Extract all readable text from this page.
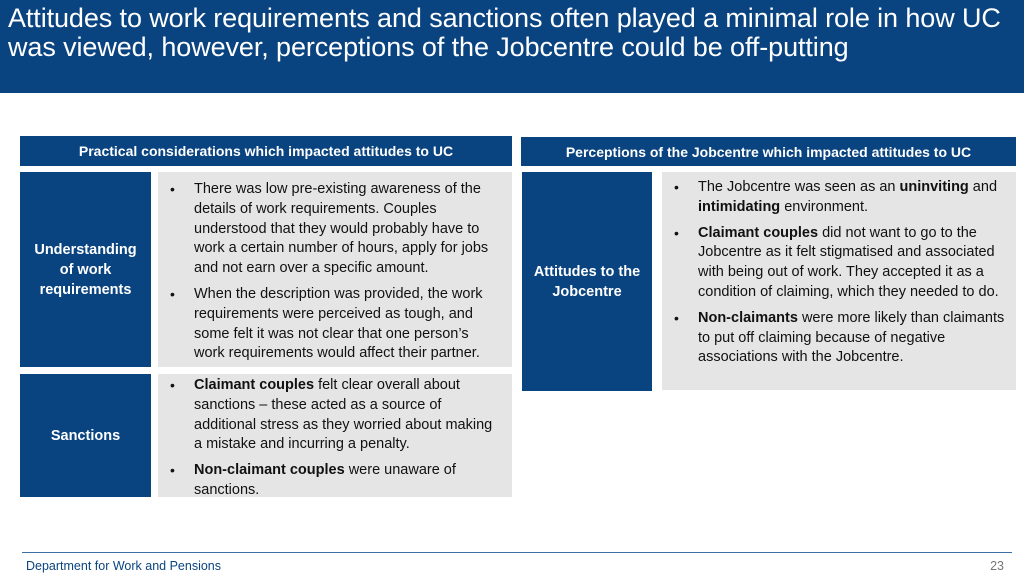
Attitudes to work requirements and sanctions often played a minimal role in how UC was viewed, however, perceptions of the Jobcentre could be off-putting
Practical considerations which impacted attitudes to UC
Understanding of work requirements
• There was low pre-existing awareness of the details of work requirements. Couples understood that they would probably have to work a certain number of hours, apply for jobs and not earn over a specific amount.
• When the description was provided, the work requirements were perceived as tough, and some felt it was not clear that one person’s work requirements would affect their partner.
Sanctions
• Claimant couples felt clear overall about sanctions – these acted as a source of additional stress as they worried about making a mistake and incurring a penalty.
• Non-claimant couples were unaware of sanctions.
Perceptions of the Jobcentre which impacted attitudes to UC
Attitudes to the Jobcentre
• The Jobcentre was seen as an uninviting and intimidating environment.
• Claimant couples did not want to go to the Jobcentre as it felt stigmatised and associated with being out of work. They accepted it as a condition of claiming, which they needed to do.
• Non-claimants were more likely than claimants to put off claiming because of negative associations with the Jobcentre.
Department for Work and Pensions	23
